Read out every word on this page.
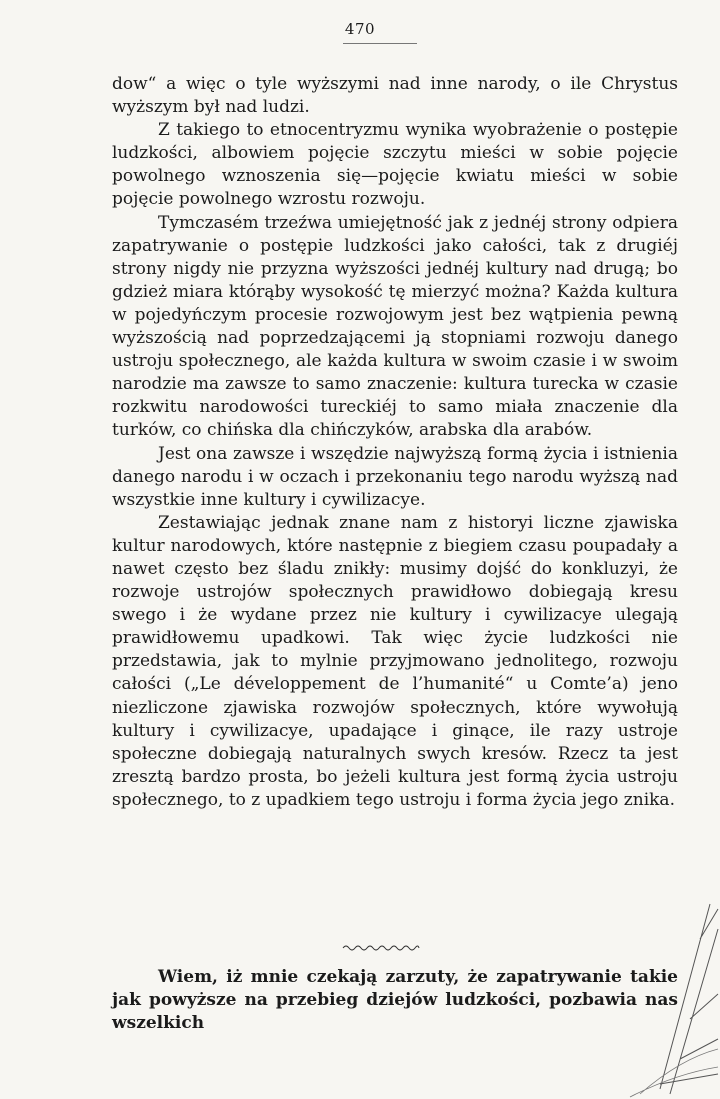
470

dow“ a więc o tyle wyższymi nad inne narody, o ile Chrystus wyższym był nad ludzi.

Z takiego to etnocentryzmu wynika wyobrażenie o postępie ludzkości, albowiem pojęcie szczytu mieści w sobie pojęcie powolnego wznoszenia się—pojęcie kwiatu mieści w sobie pojęcie powolnego wzrostu rozwoju.

Tymczasém trzeźwa umiejętność jak z jednéj strony odpiera zapatrywanie o postępie ludzkości jako całości, tak z drugiéj strony nigdy nie przyzna wyższości jednéj kultury nad drugą; bo gdzież miara którąby wysokość tę mierzyć można? Każda kultura w pojedyńczym procesie rozwojowym jest bez wątpienia pewną wyższością nad poprzedzającemi ją stopniami rozwoju danego ustroju społecznego, ale każda kultura w swoim czasie i w swoim narodzie ma zawsze to samo znaczenie: kultura turecka w czasie rozkwitu narodowości tureckiéj to samo miała znaczenie dla turków, co chińska dla chińczyków, arabska dla arabów.

Jest ona zawsze i wszędzie najwyższą formą życia i istnienia danego narodu i w oczach i przekonaniu tego narodu wyższą nad wszystkie inne kultury i cywilizacye.

Zestawiając jednak znane nam z historyi liczne zjawiska kultur narodowych, które następnie z biegiem czasu poupadały a nawet często bez śladu znikły: musimy dojść do konkluzyi, że rozwoje ustrojów społecznych prawidłowo dobiegają kresu swego i że wydane przez nie kultury i cywilizacye ulegają prawidłowemu upadkowi. Tak więc życie ludzkości nie przedstawia, jak to mylnie przyjmowano jednolitego, rozwoju całości („Le développement de l’humanité“ u Comte’a) jeno niezliczone zjawiska rozwojów społecznych, które wywołują kultury i cywilizacye, upadające i ginące, ile razy ustroje społeczne dobiegają naturalnych swych kresów. Rzecz ta jest zresztą bardzo prosta, bo jeżeli kultura jest formą życia ustroju społecznego, to z upadkiem tego ustroju i forma życia jego znika.

Wiem, iż mnie czekają zarzuty, że zapatrywanie takie jak powyższe na przebieg dziejów ludzkości, pozbawia nas wszelkich
